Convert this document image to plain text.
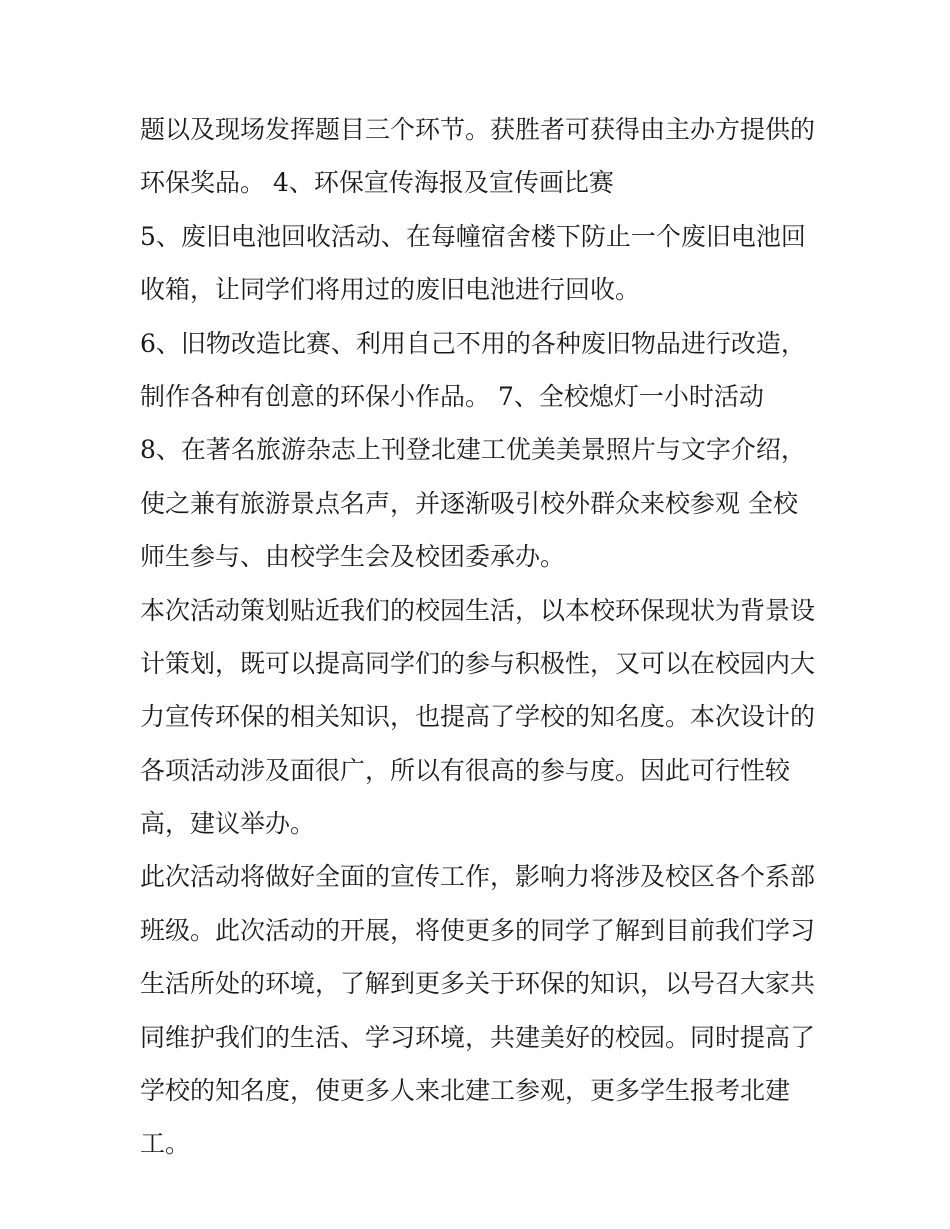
题以及现场发挥题目三个环节。获胜者可获得由主办方提供的
环保奖品。 4、环保宣传海报及宣传画比赛
5、废旧电池回收活动、在每幢宿舍楼下防止一个废旧电池回
收箱，让同学们将用过的废旧电池进行回收。
6、旧物改造比赛、利用自己不用的各种废旧物品进行改造，
制作各种有创意的环保小作品。 7、全校熄灯一小时活动
8、在著名旅游杂志上刊登北建工优美美景照片与文字介绍，
使之兼有旅游景点名声，并逐渐吸引校外群众来校参观 全校
师生参与、由校学生会及校团委承办。
本次活动策划贴近我们的校园生活，以本校环保现状为背景设
计策划，既可以提高同学们的参与积极性，又可以在校园内大
力宣传环保的相关知识，也提高了学校的知名度。本次设计的
各项活动涉及面很广，所以有很高的参与度。因此可行性较
高，建议举办。
此次活动将做好全面的宣传工作，影响力将涉及校区各个系部
班级。此次活动的开展，将使更多的同学了解到目前我们学习
生活所处的环境，了解到更多关于环保的知识，以号召大家共
同维护我们的生活、学习环境，共建美好的校园。同时提高了
学校的知名度，使更多人来北建工参观，更多学生报考北建
工。
